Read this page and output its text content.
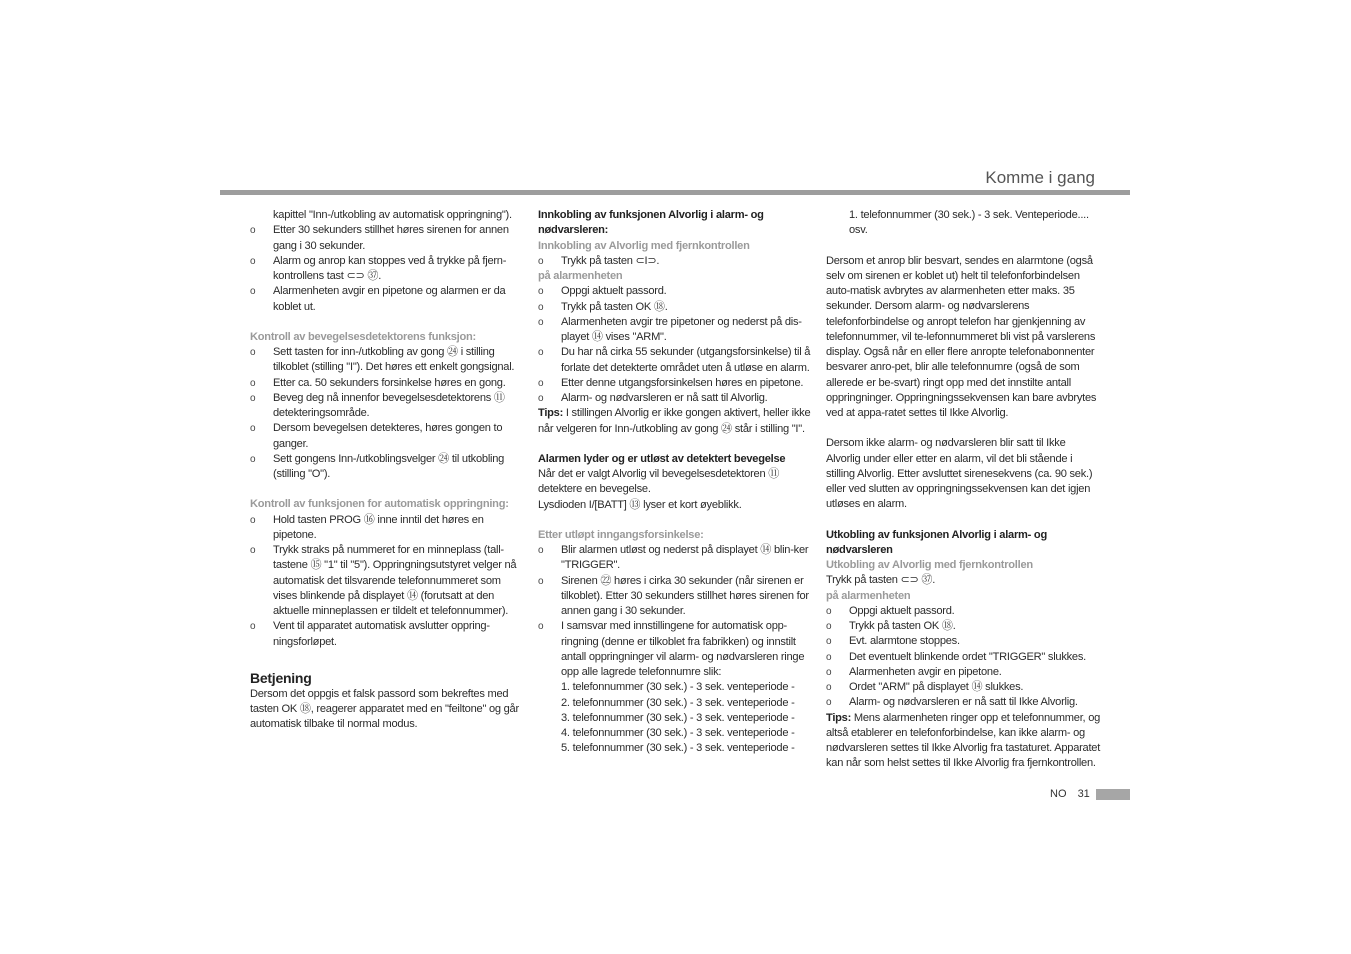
Komme i gang
kapittel "Inn-/utkobling av automatisk oppringning").
o Etter 30 sekunders stillhet høres sirenen for annen gang i 30 sekunder.
o Alarm og anrop kan stoppes ved å trykke på fjern-kontrollens tast ⊂⊃ ㊲.
o Alarmenheten avgir en pipetone og alarmen er da koblet ut.
Kontroll av bevegelsesdetektorens funksjon:
o Sett tasten for inn-/utkobling av gong ㉔ i stilling tilkoblet (stilling "I"). Det høres ett enkelt gongsignal.
o Etter ca. 50 sekunders forsinkelse høres en gong.
o Beveg deg nå innenfor bevegelsesdetektorens ⑪ detekteringsområde.
o Dersom bevegelsen detekteres, høres gongen to ganger.
o Sett gongens Inn-/utkoblingsvelger ㉔ til utkobling (stilling "O").
Kontroll av funksjonen for automatisk oppringning:
o Hold tasten PROG ⑯ inne inntil det høres en pipetone.
o Trykk straks på nummeret for en minneplass (tall-tastene ⑮ "1" til "5"). Oppringningsutstyret velger nå automatisk det tilsvarende telefonnummeret som vises blinkende på displayet ⑭ (forutsatt at den aktuelle minneplassen er tildelt et telefonnummer).
o Vent til apparatet automatisk avslutter oppring-ningsforløpet.
Betjening
Dersom det oppgis et falsk passord som bekreftes med tasten OK ⑱, reagerer apparatet med en "feiltone" og går automatisk tilbake til normal modus.
Innkobling av funksjonen Alvorlig i alarm- og nødvarsleren:
Innkobling av Alvorlig med fjernkontrollen
o Trykk på tasten ⊂I⊃.
på alarmenheten
o Oppgi aktuelt passord.
o Trykk på tasten OK ⑱.
o Alarmenheten avgir tre pipetoner og nederst på dis-playet ⑭ vises "ARM".
o Du har nå cirka 55 sekunder (utgangsforsinkelse) til å forlate det detekterte området uten å utløse en alarm.
o Etter denne utgangsforsinkelsen høres en pipetone.
o Alarm- og nødvarsleren er nå satt til Alvorlig.
Tips: I stillingen Alvorlig er ikke gongen aktivert, heller ikke når velgeren for Inn-/utkobling av gong ㉔ står i stilling "I".
Alarmen lyder og er utløst av detektert bevegelse
Når det er valgt Alvorlig vil bevegelsesdetektoren ⑪ detektere en bevegelse.
Lysdioden I/[BATT] ⑬ lyser et kort øyeblikk.
Etter utløpt inngangsforsinkelse:
o Blir alarmen utløst og nederst på displayet ⑭ blin-ker "TRIGGER".
o Sirenen ㉒ høres i cirka 30 sekunder (når sirenen er tilkoblet). Etter 30 sekunders stillhet høres sirenen for annen gang i 30 sekunder.
o I samsvar med innstillingene for automatisk opp-ringning (denne er tilkoblet fra fabrikken) og innstilt antall oppringninger vil alarm- og nødvarsleren ringe opp alle lagrede telefonnumre slik:
1. telefonnummer (30 sek.) - 3 sek. venteperiode -
2. telefonnummer (30 sek.) - 3 sek. venteperiode -
3. telefonnummer (30 sek.) - 3 sek. venteperiode -
4. telefonnummer (30 sek.) - 3 sek. venteperiode -
5. telefonnummer (30 sek.) - 3 sek. venteperiode -
1. telefonnummer (30 sek.) - 3 sek. Venteperiode.... osv.
Dersom et anrop blir besvart, sendes en alarmtone (også selv om sirenen er koblet ut) helt til telefonforbindelsen auto-matisk avbrytes av alarmenheten etter maks. 35 sekunder. Dersom alarm- og nødvarslerens telefonforbindelse og anropt telefon har gjenkjenning av telefonnummer, vil te-lefonnummeret bli vist på varslerens display. Også når en eller flere anropte telefonabonnenter besvarer anro-pet, blir alle telefonnumre (også de som allerede er be-svart) ringt opp med det innstilte antall oppringninger. Oppringningssekvensen kan bare avbrytes ved at appa-ratet settes til Ikke Alvorlig.
Dersom ikke alarm- og nødvarsleren blir satt til Ikke Alvorlig under eller etter en alarm, vil det bli stående i stilling Alvorlig. Etter avsluttet sirenesekvens (ca. 90 sek.) eller ved slutten av oppringningssekvensen kan det igjen utløses en alarm.
Utkobling av funksjonen Alvorlig i alarm- og nødvarsleren
Utkobling av Alvorlig med fjernkontrollen
Trykk på tasten ⊂⊃ ㊲.
på alarmenheten
o Oppgi aktuelt passord.
o Trykk på tasten OK ⑱.
o Evt. alarmtone stoppes.
o Det eventuelt blinkende ordet "TRIGGER" slukkes.
o Alarmenheten avgir en pipetone.
o Ordet "ARM" på displayet ⑭ slukkes.
o Alarm- og nødvarsleren er nå satt til Ikke Alvorlig.
Tips: Mens alarmenheten ringer opp et telefonnummer, og altså etablerer en telefonforbindelse, kan ikke alarm- og nødvarsleren settes til Ikke Alvorlig fra tastaturet. Apparatet kan når som helst settes til Ikke Alvorlig fra fjernkontrollen.
NO 31
